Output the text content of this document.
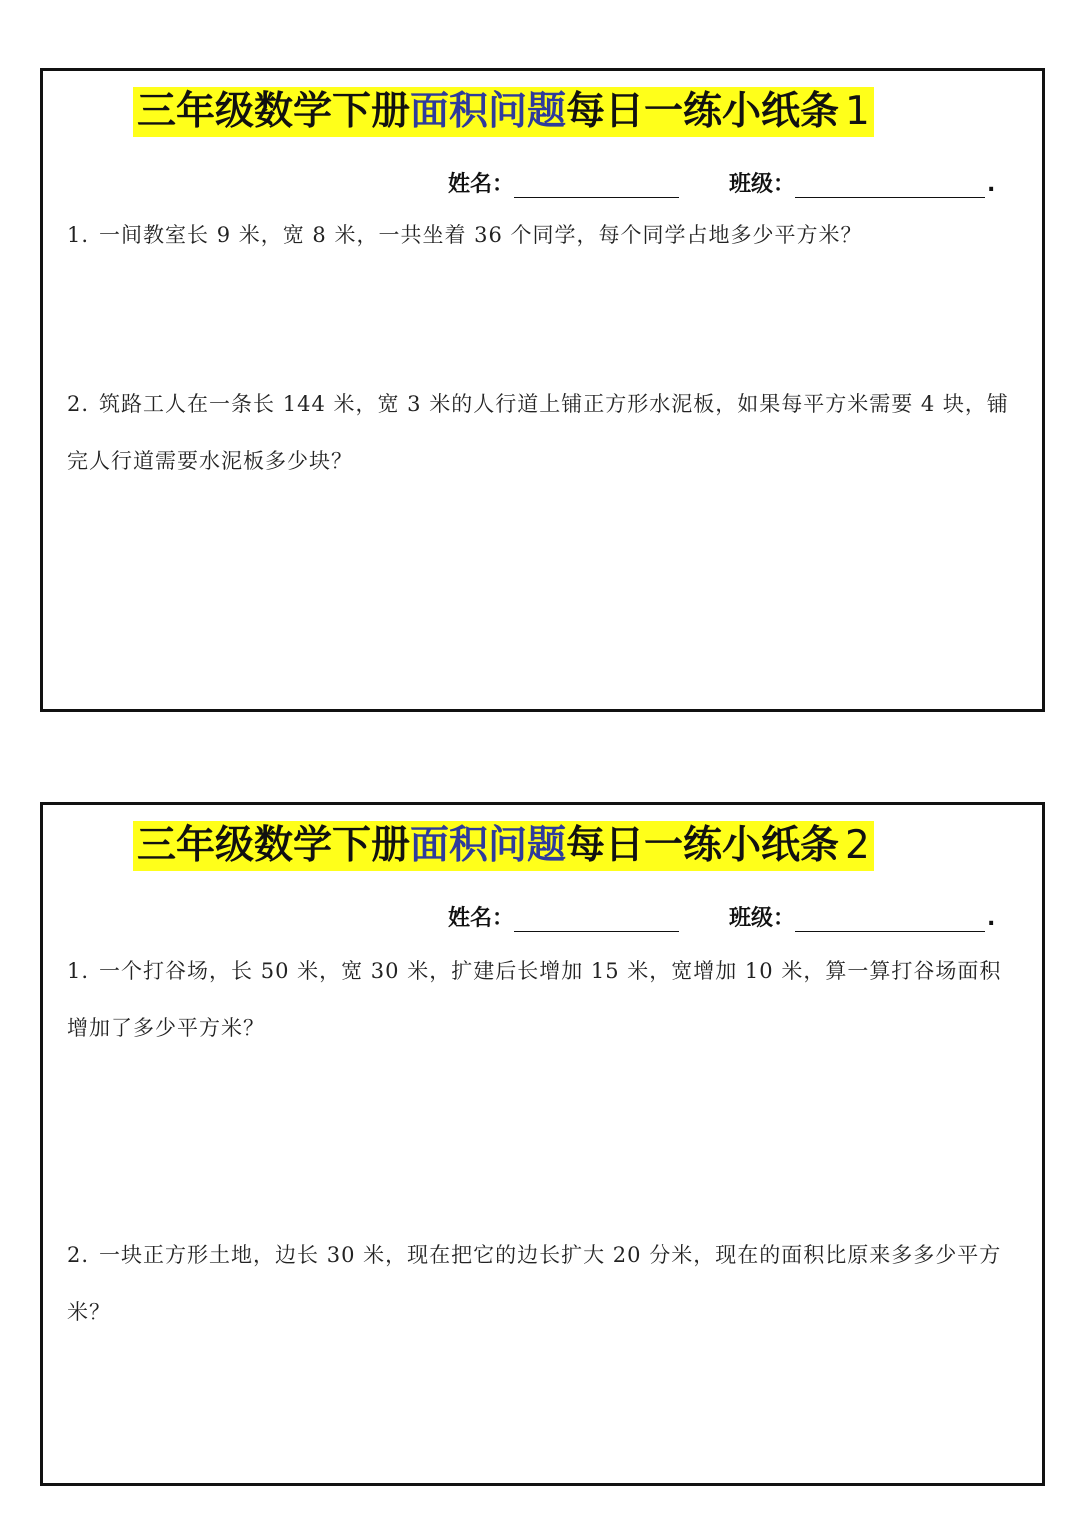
三年级数学下册面积问题每日一练小纸条 1
姓名：	班级：	.
1. 一间教室长 9 米，宽 8 米，一共坐着 36 个同学，每个同学占地多少平方米？
2. 筑路工人在一条长 144 米，宽 3 米的人行道上铺正方形水泥板，如果每平方米需要 4 块，铺完人行道需要水泥板多少块？
三年级数学下册面积问题每日一练小纸条 2
姓名：	班级：	.
1. 一个打谷场，长 50 米，宽 30 米，扩建后长增加 15 米，宽增加 10 米，算一算打谷场面积增加了多少平方米？
2. 一块正方形土地，边长 30 米，现在把它的边长扩大 20 分米，现在的面积比原来多多少平方米？
